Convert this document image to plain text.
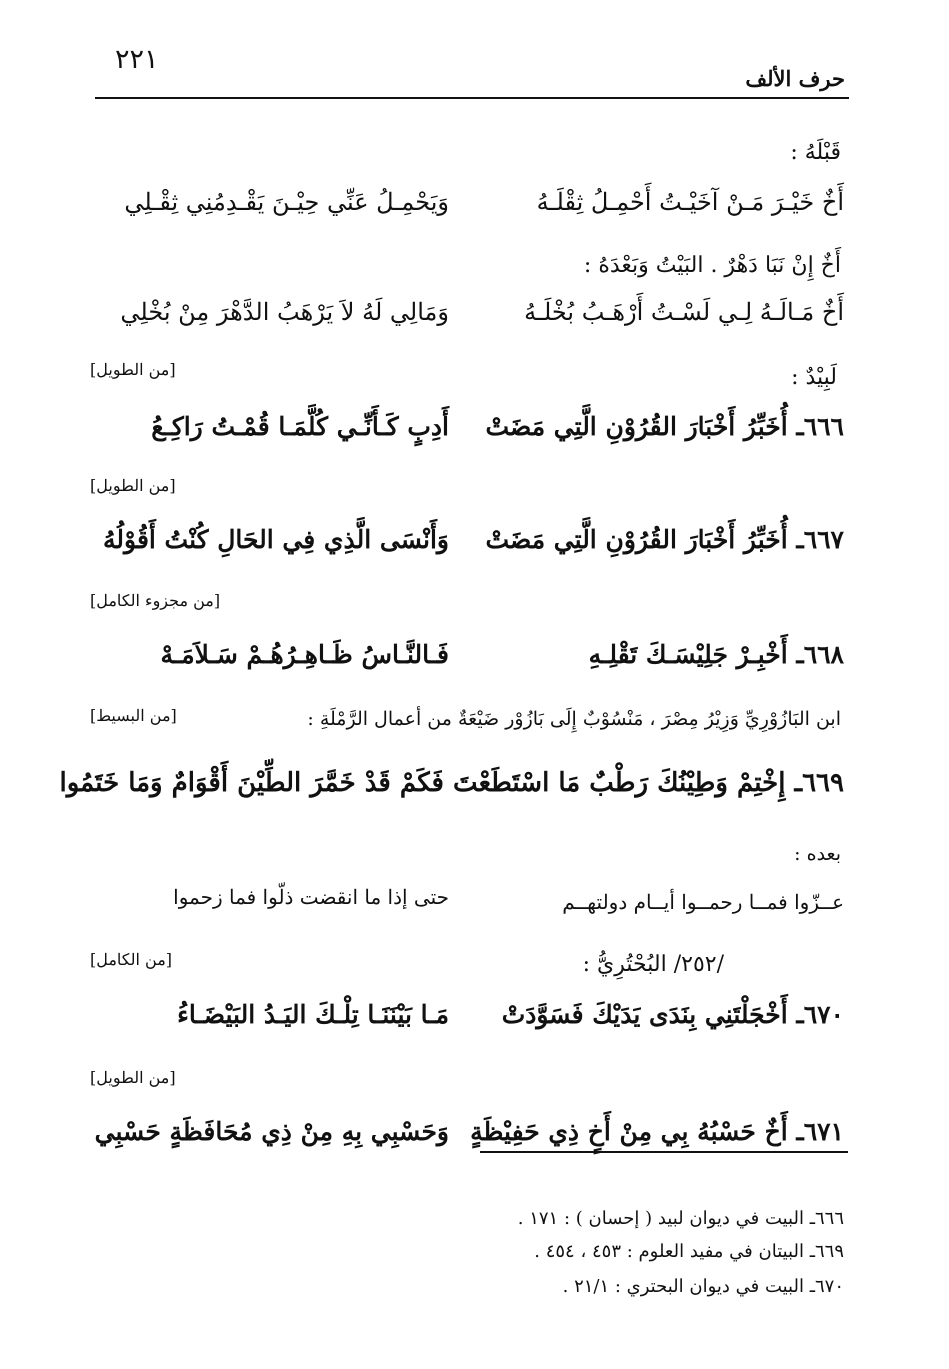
٢٢١
حرف الألف
قَبْلَهُ :
أَخٌ خَيْـرَ مَـنْ آخَيْـتُ أَحْمِـلُ ثِقْلَـهُ
وَيَحْمِـلُ عَنِّي حِيْـنَ يَقْـدِمُنِي ثِقْـلِي
أَخٌ إِنْ نَبَا دَهْرٌ . البَيْتُ وَبَعْدَهُ :
أَخٌ مَـالَـهُ لِـي لَسْـتُ أَرْهَـبُ بُخْلَـهُ
وَمَالِي لَهُ لاَ يَرْهَبُ الدَّهْرَ مِنْ بُخْلِي
لَبِيْدٌ :
[من الطويل]
٦٦٦ـ أُخَبِّرُ أَخْبَارَ القُرُوْنِ الَّتِي مَضَتْ
أَدِبٍ كَـأَنِّـي كُلَّمَـا قُمْـتُ رَاكِـعُ
[من الطويل]
٦٦٧ـ أُخَبِّرُ أَخْبَارَ القُرُوْنِ الَّتِي مَضَتْ
وَأَنْسَى الَّذِي فِي الحَالِ كُنْتُ أَقُوْلُهُ
[من مجزوء الكامل]
٦٦٨ـ أَخْبِـرْ جَلِيْسَـكَ تَقْلِـهِ
فَـالنَّـاسُ ظَـاهِـرُهُـمْ سَـلاَمَـهْ
ابن البَازُوْرِيِّ وَزِيْرُ مِصْرَ ، مَنْسُوْبٌ إِلَى بَازُوْر ضَيْعَةٌ من أعمال الرَّمْلَةِ :
[من البسيط]
٦٦٩ـ إِخْتِمْ وَطِيْنُكَ رَطْبٌ مَا اسْتَطَعْتَ فَكَمْ قَدْ خَمَّرَ الطِّيْنَ أَقْوَامٌ وَمَا خَتَمُوا
بعده :
عــزّوا فمــا رحمــوا أيــام دولتهــم
حتى إذا ما انقضت ذلّوا فما زحموا
/٢٥٢/ البُحْتُرِيُّ :
[من الكامل]
٦٧٠ـ أَخْجَلْتَنِي بِنَدَى يَدَيْكَ فَسَوَّدَتْ
مَـا بَيْنَنَـا تِلْـكَ اليَـدُ البَيْضَـاءُ
[من الطويل]
٦٧١ـ أَخٌ حَسْبُهُ بِي مِنْ أَخٍ ذِي حَفِيْظَةٍ
وَحَسْبِي بِهِ مِنْ ذِي مُحَافَظَةٍ حَسْبِي
٦٦٦ـ البيت في ديوان لبيد ( إحسان ) : ١٧١ .
٦٦٩ـ البيتان في مفيد العلوم : ٤٥٣ ، ٤٥٤ .
٦٧٠ـ البيت في ديوان البحتري : ٢١/١ .
